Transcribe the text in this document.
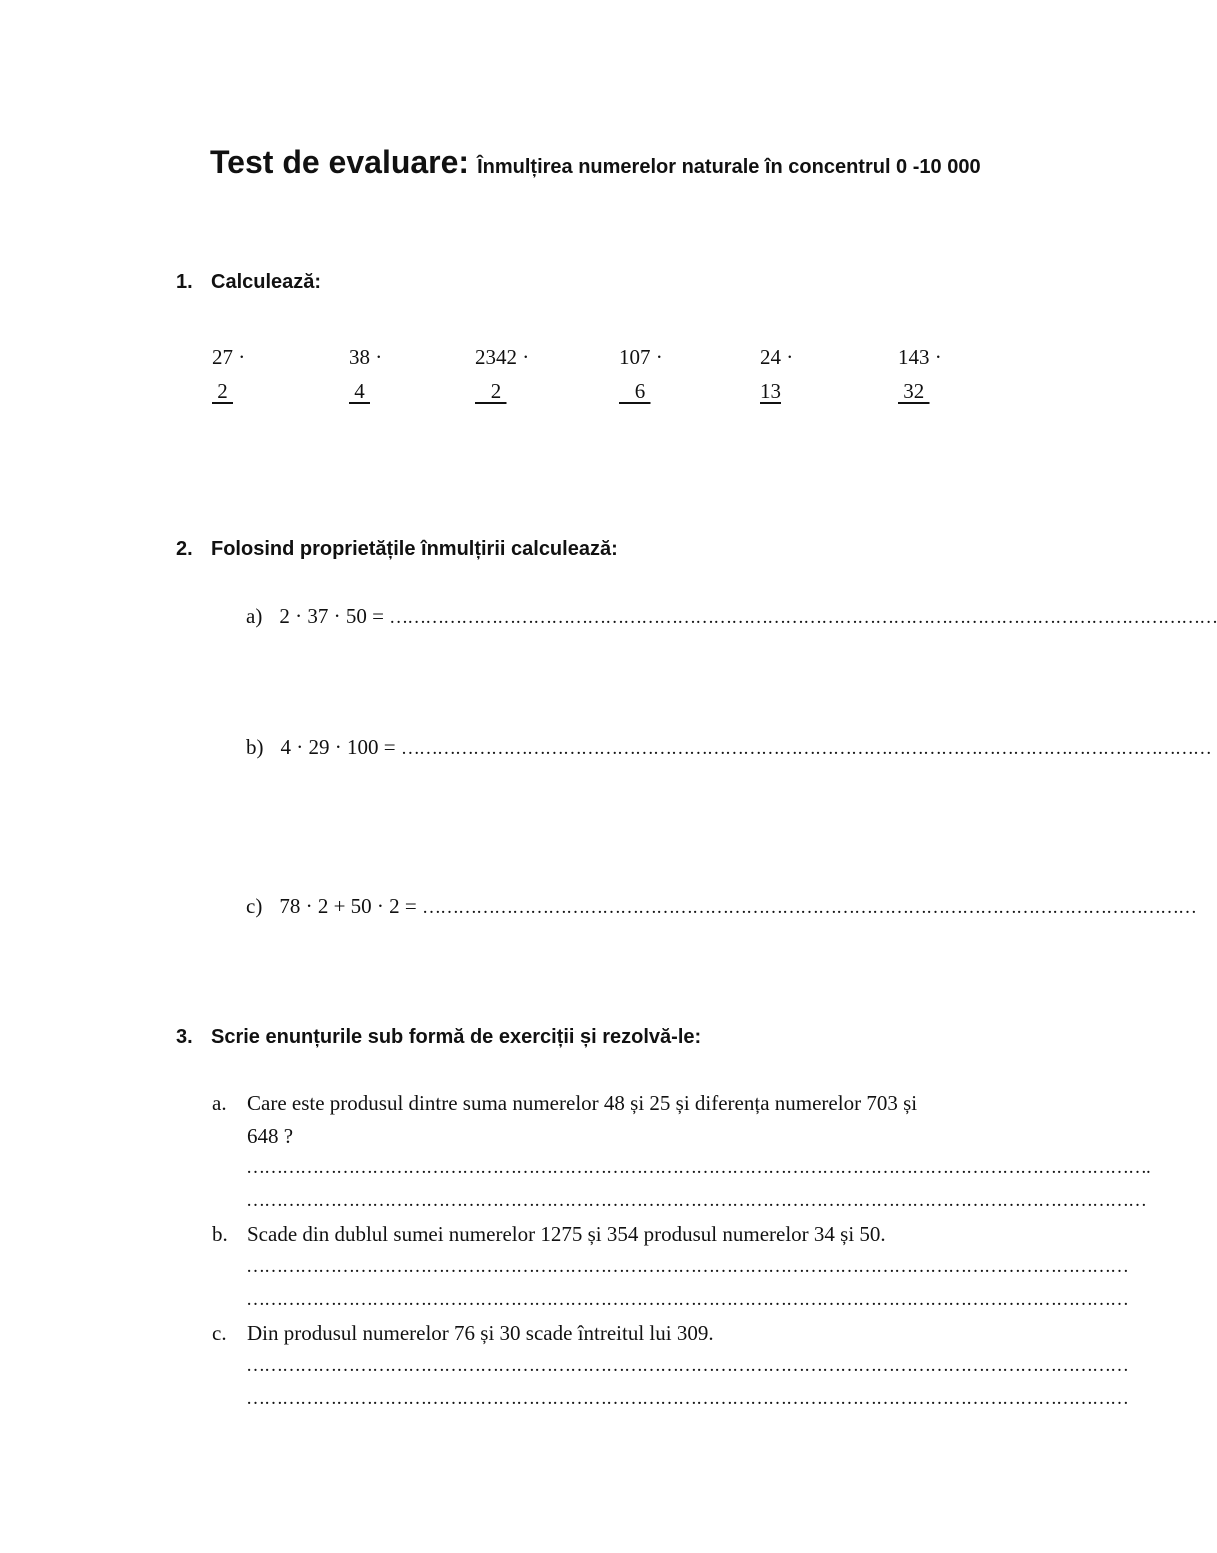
Test de evaluare: Înmulțirea numerelor naturale în concentrul 0 -10 000
1. Calculează:
27 ·
2
38 ·
4
2342 ·
2
107 ·
6
24 ·
13
143 ·
32
2. Folosind proprietățile înmulțirii calculează:
a) 2 · 37 · 50 = …………………………………………………………………………………………………………………………
b) 4 · 29 · 100 = ………………………………………………………………………………………………………………………
c) 78 · 2 + 50 · 2 = …………………………………………………………………………………………………………………
3. Scrie enunțurile sub formă de exerciții și rezolvă-le:
a. Care este produsul dintre suma numerelor 48 și 25 și diferența numerelor 703 și
648 ?
…………………………………………………………………………………………………………………………………….
……………………………………………………………………………………………………………………………………
b. Scade din dublul sumei numerelor 1275 și 354 produsul numerelor 34 și 50.
…………………………………………………………………………………………………………………………………
…………………………………………………………………………………………………………………………………
c. Din produsul numerelor 76 și 30 scade întreitul lui 309.
…………………………………………………………………………………………………………………………………
…………………………………………………………………………………………………………………………………
